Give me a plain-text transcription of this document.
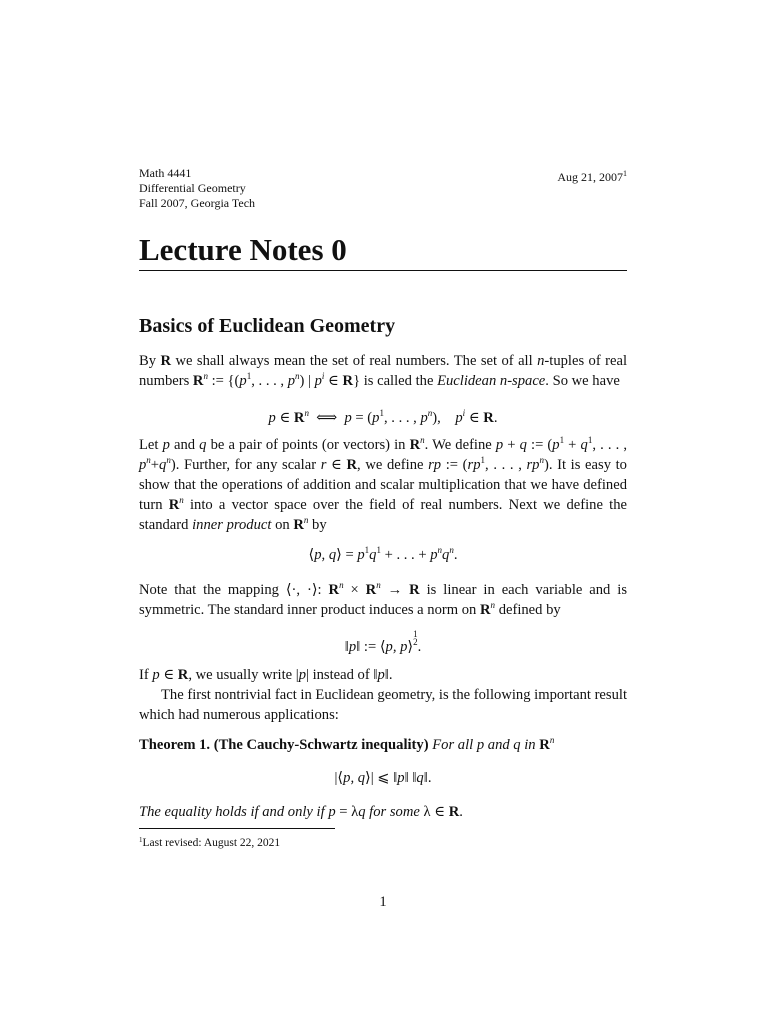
Math 4441
Differential Geometry
Fall 2007, Georgia Tech
Aug 21, 2007$^1$
Lecture Notes 0
Basics of Euclidean Geometry
By R we shall always mean the set of real numbers. The set of all n-tuples of real numbers $R^n$ := {($p^1$, . . . , $p^n$) | $p^i$ ∈ R} is called the Euclidean n-space. So we have
p ∈ $R^n$  ⟺  $p = (p^1$, . . . , $p^n$),    $p^i$ ∈ R.
Let p and q be a pair of points (or vectors) in $R^n$. We define p + q := ($p^1 + q^1$, . . . , $p^n+q^n$). Further, for any scalar r ∈ R, we define rp := ($rp^1$, . . . , $rp^n$). It is easy to show that the operations of addition and scalar multiplication that we have defined turn $R^n$ into a vector space over the field of real numbers. Next we define the standard inner product on $R^n$ by
⟨p, q⟩ = $p^1q^1$ + . . . + $p^nq^n$.
Note that the mapping ⟨·, ·⟩: $R^n \times R^n \to R$ is linear in each variable and is symmetric. The standard inner product induces a norm on $R^n$ defined by
‖p‖ := ⟨p, p⟩1
2.
If p ∈ R, we usually write |p| instead of ‖p‖.
The first nontrivial fact in Euclidean geometry, is the following important result which had numerous applications:
Theorem 1. (The Cauchy-Schwartz inequality) For all p and q in $R^n$
|⟨p, q⟩| ⩽ ‖p‖ ‖q‖.
The equality holds if and only if p = λq for some λ ∈ R.
$^1$Last revised: August 22, 2021
1
